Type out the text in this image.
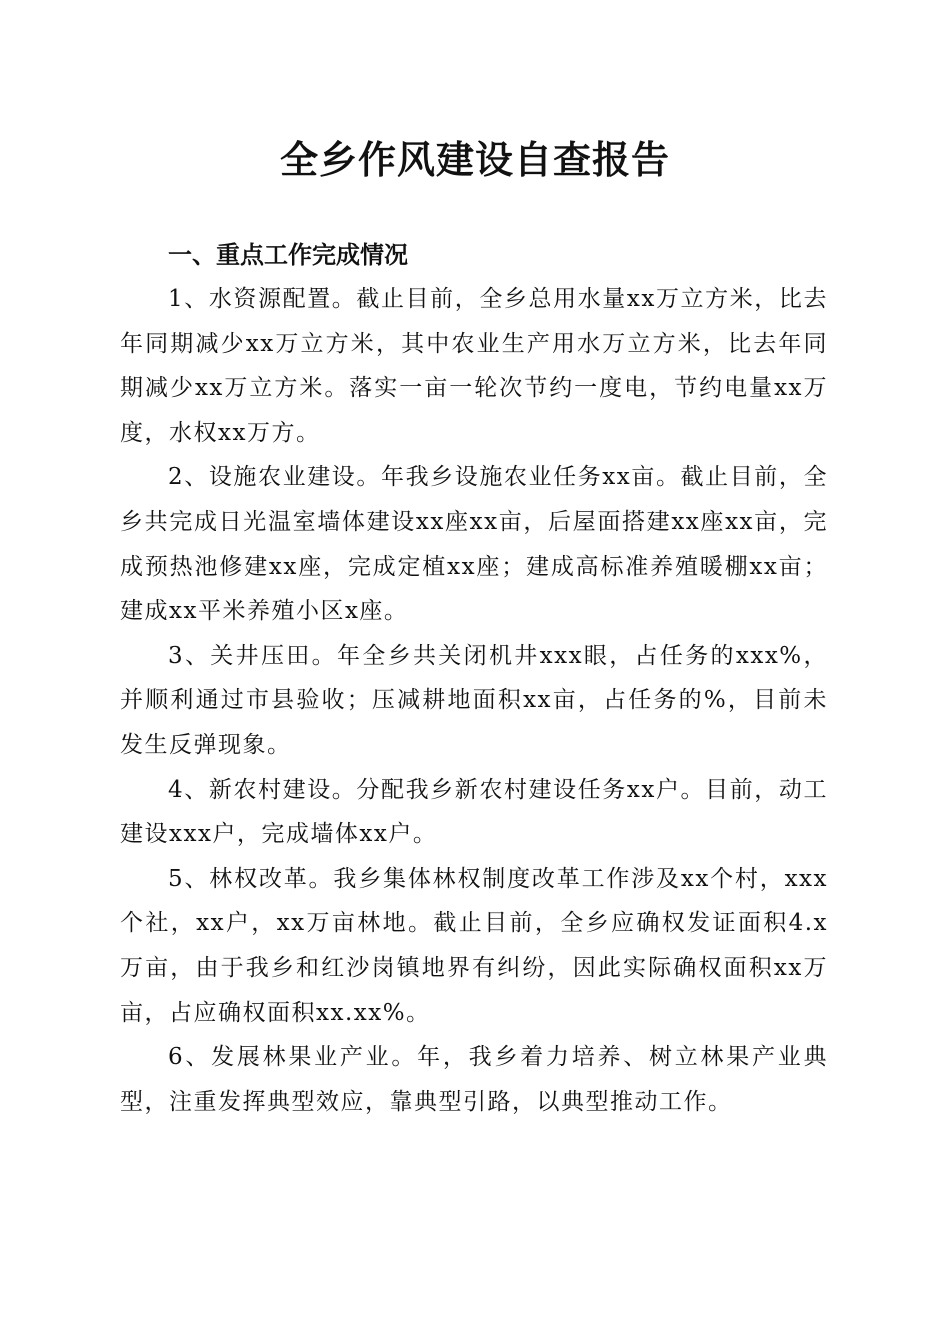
全乡作风建设自查报告

一、重点工作完成情况

1、水资源配置。截止目前，全乡总用水量xx万立方米，比去年同期减少xx万立方米，其中农业生产用水万立方米，比去年同期减少xx万立方米。落实一亩一轮次节约一度电，节约电量xx万度，水权xx万方。

2、设施农业建设。年我乡设施农业任务xx亩。截止目前，全乡共完成日光温室墙体建设xx座xx亩，后屋面搭建xx座xx亩，完成预热池修建xx座，完成定植xx座；建成高标准养殖暖棚xx亩；建成xx平米养殖小区x座。

3、关井压田。年全乡共关闭机井xxx眼，占任务的xxx%，并顺利通过市县验收；压减耕地面积xx亩，占任务的%，目前未发生反弹现象。

4、新农村建设。分配我乡新农村建设任务xx户。目前，动工建设xxx户，完成墙体xx户。

5、林权改革。我乡集体林权制度改革工作涉及xx个村，xxx个社，xx户，xx万亩林地。截止目前，全乡应确权发证面积4.x万亩，由于我乡和红沙岗镇地界有纠纷，因此实际确权面积xx万亩，占应确权面积xx.xx%。

6、发展林果业产业。年，我乡着力培养、树立林果产业典型，注重发挥典型效应，靠典型引路，以典型推动工作。
